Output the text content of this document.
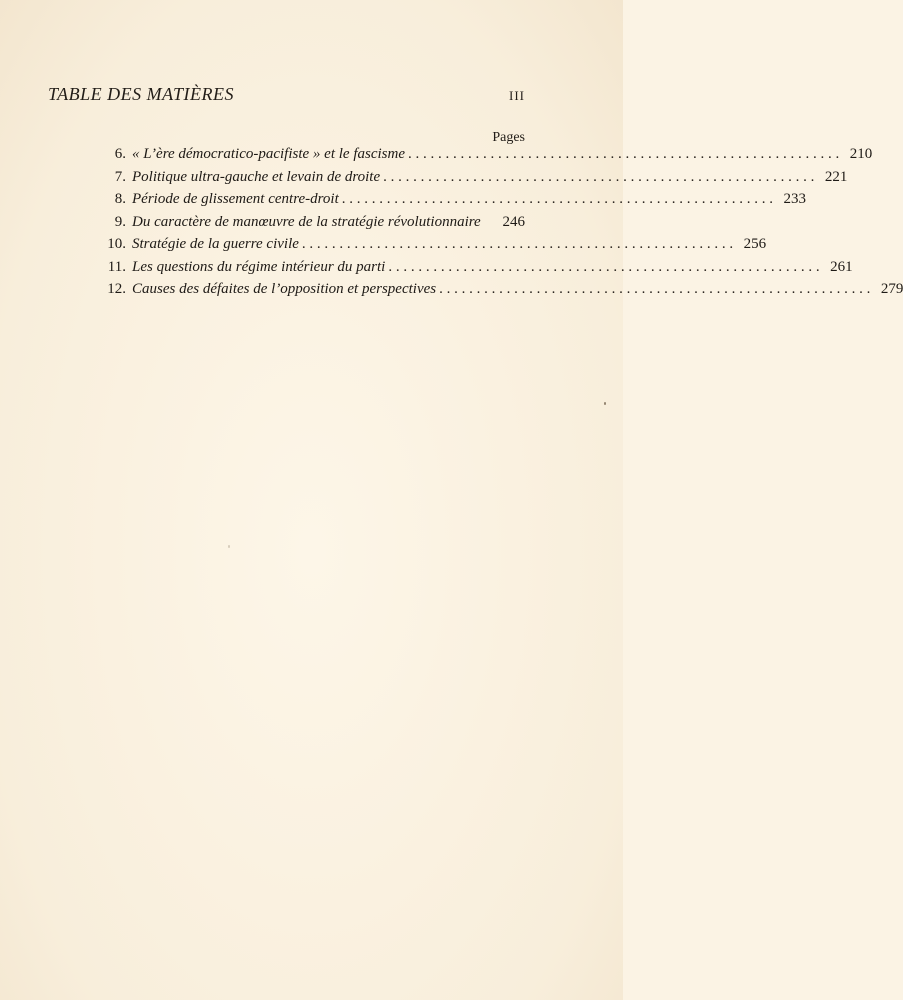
TABLE DES MATIÈRES	III
Pages
6. « L’ère démocratico-pacifiste » et le fascisme . . .	210
7. Politique ultra-gauche et levain de droite . . .	221
8. Période de glissement centre-droit . . .	233
9. Du caractère de manœuvre de la stratégie révolutionnaire	246
10. Stratégie de la guerre civile . . .	256
11. Les questions du régime intérieur du parti . . .	261
12. Causes des défaites de l’opposition et perspectives . . .	279
